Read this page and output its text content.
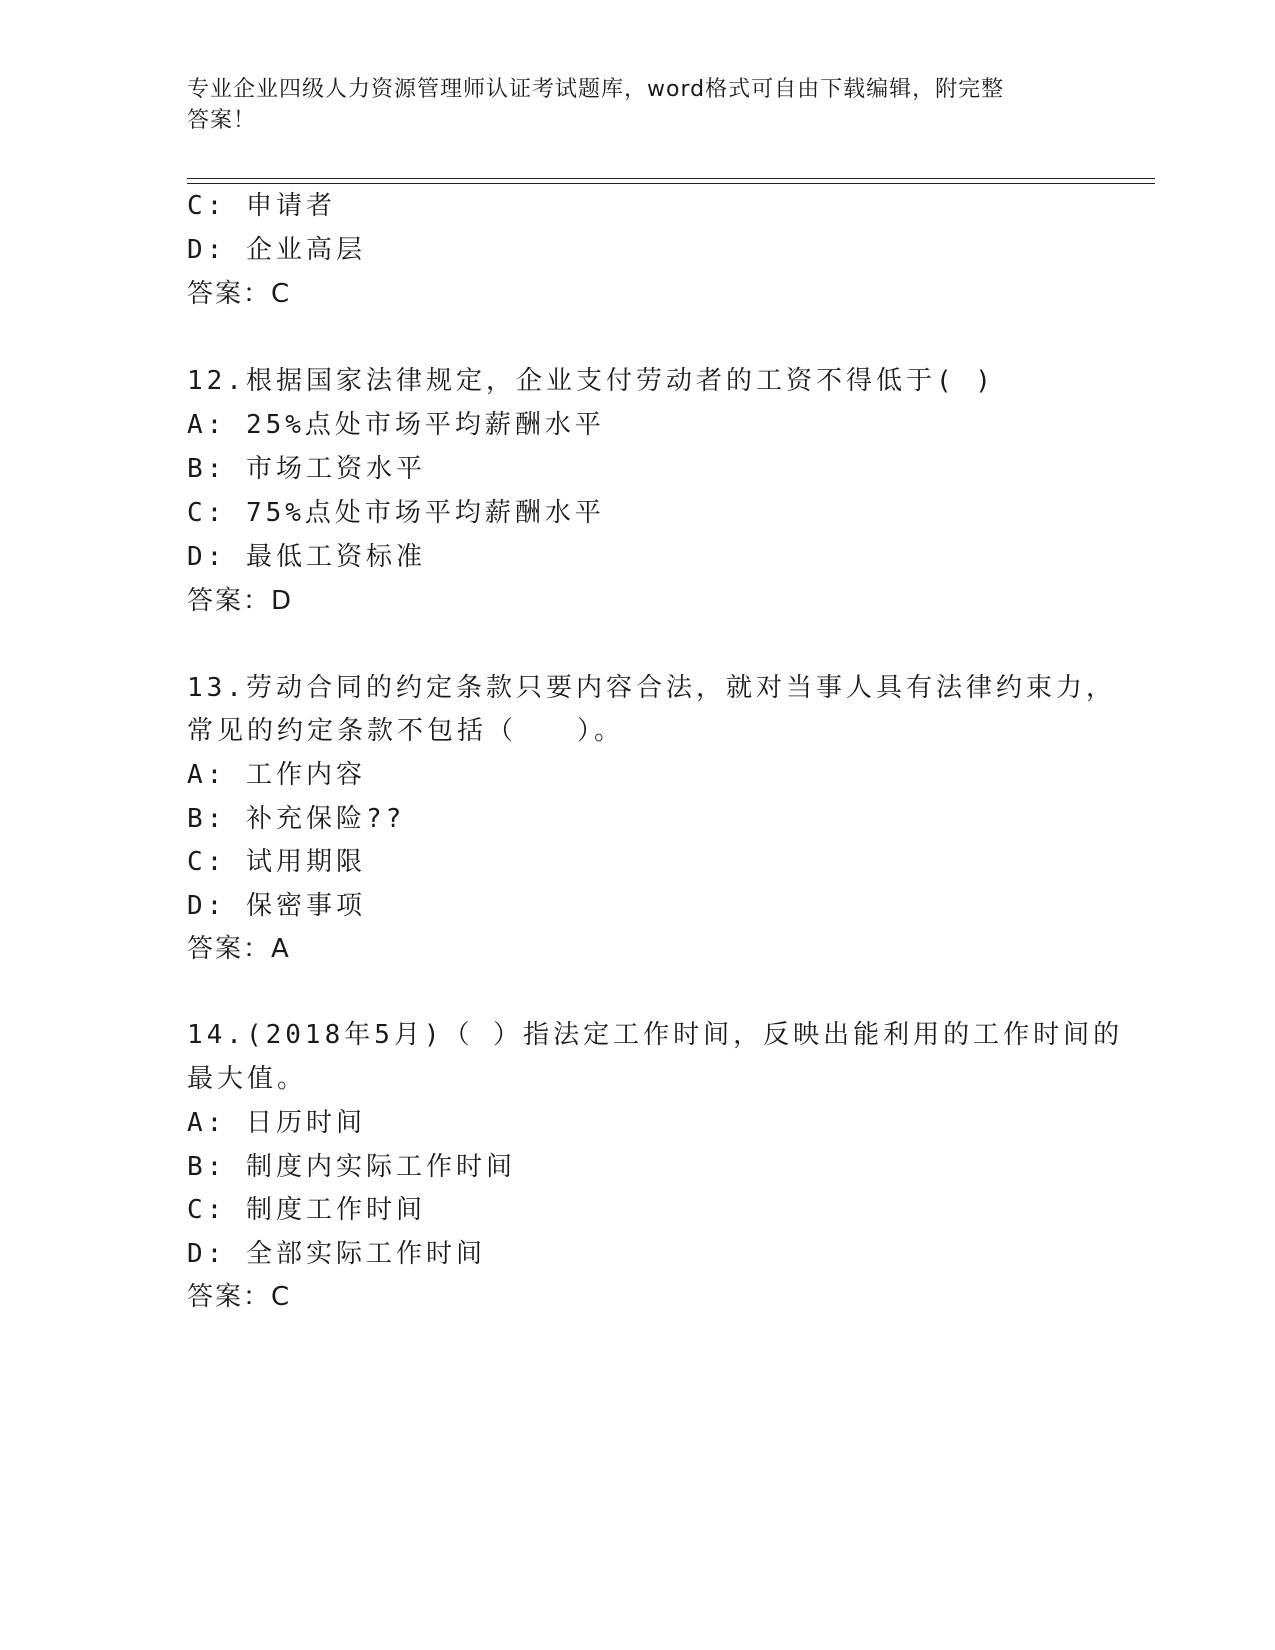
专业企业四级人力资源管理师认证考试题库，word格式可自由下载编辑，附完整
答案！
C: 申请者
D: 企业高层
答案：C
12.根据国家法律规定，企业支付劳动者的工资不得低于( )
A: 25%点处市场平均薪酬水平
B: 市场工资水平
C: 75%点处市场平均薪酬水平
D: 最低工资标准
答案：D
13.劳动合同的约定条款只要内容合法，就对当事人具有法律约束力，
常见的约定条款不包括（　　）。
A: 工作内容
B: 补充保险??
C: 试用期限
D: 保密事项
答案：A
14.(2018年5月)（ ）指法定工作时间，反映出能利用的工作时间的
最大值。
A: 日历时间
B: 制度内实际工作时间
C: 制度工作时间
D: 全部实际工作时间
答案：C
